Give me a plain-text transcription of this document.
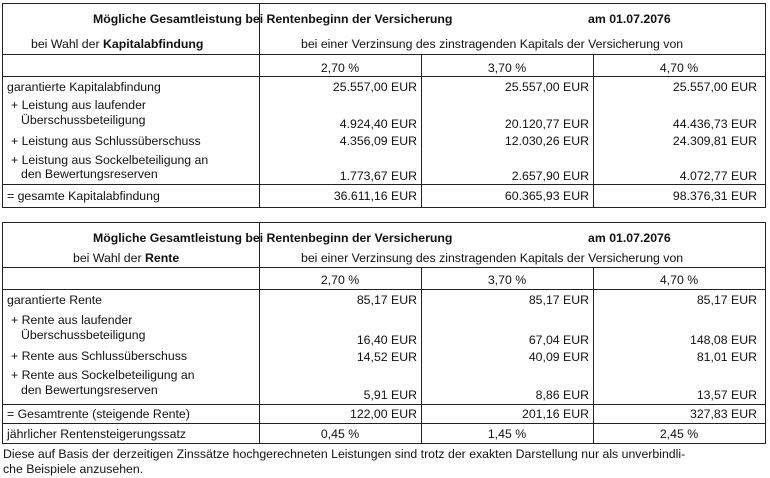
Mögliche Gesamtleistung bei Rentenbeginn der Versicherung	am 01.07.2076
bei Wahl der Kapitalabfindung	bei einer Verzinsung des zinstragenden Kapitals der Versicherung von
2,70 %	3,70 %	4,70 %
garantierte Kapitalabfindung	25.557,00 EUR	25.557,00 EUR	25.557,00 EUR
+ Leistung aus laufender
Überschussbeteiligung	4.924,40 EUR	20.120,77 EUR	44.436,73 EUR
+ Leistung aus Schlussüberschuss	4.356,09 EUR	12.030,26 EUR	24.309,81 EUR
+ Leistung aus Sockelbeteiligung an
den Bewertungsreserven	1.773,67 EUR	2.657,90 EUR	4.072,77 EUR
= gesamte Kapitalabfindung	36.611,16 EUR	60.365,93 EUR	98.376,31 EUR
Mögliche Gesamtleistung bei Rentenbeginn der Versicherung	am 01.07.2076
bei Wahl der Rente	bei einer Verzinsung des zinstragenden Kapitals der Versicherung von
2,70 %	3,70 %	4,70 %
garantierte Rente	85,17 EUR	85,17 EUR	85,17 EUR
+ Rente aus laufender
Überschussbeteiligung	16,40 EUR	67,04 EUR	148,08 EUR
+ Rente aus Schlussüberschuss	14,52 EUR	40,09 EUR	81,01 EUR
+ Rente aus Sockelbeteiligung an
den Bewertungsreserven	5,91 EUR	8,86 EUR	13,57 EUR
= Gesamtrente (steigende Rente)	122,00 EUR	201,16 EUR	327,83 EUR
jährlicher Rentensteigerungssatz	0,45 %	1,45 %	2,45 %
Diese auf Basis der derzeitigen Zinssätze hochgerechneten Leistungen sind trotz der exakten Darstellung nur als unverbindli-
che Beispiele anzusehen.
